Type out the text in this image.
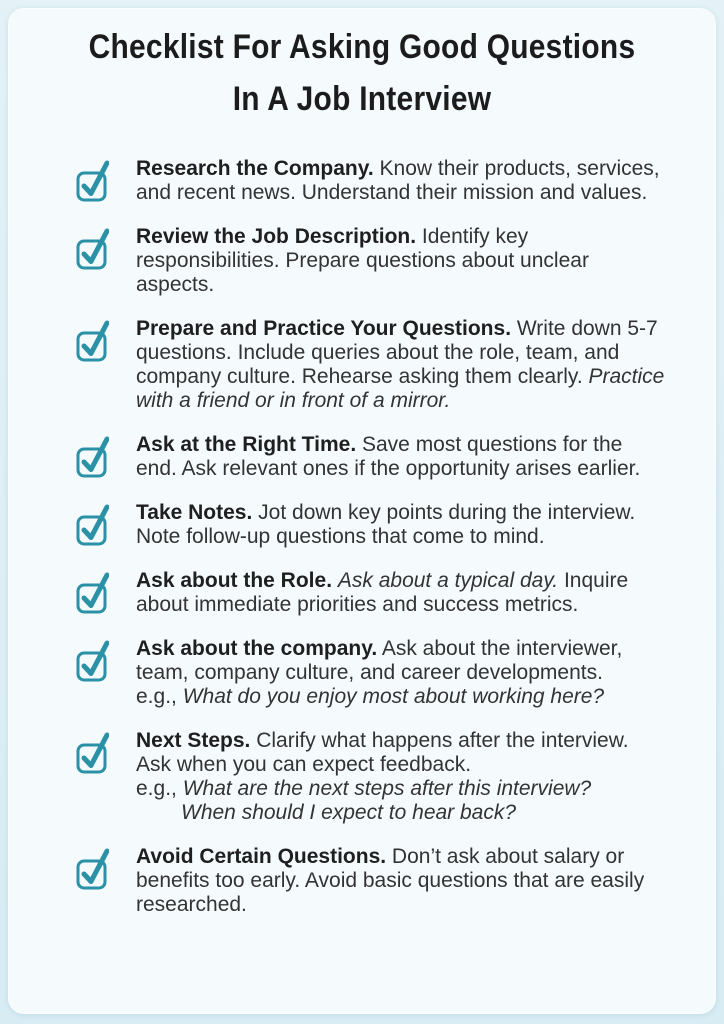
Checklist For Asking Good Questions
In A Job Interview

Research the Company. Know their products, services,
and recent news. Understand their mission and values.

Review the Job Description. Identify key
responsibilities. Prepare questions about unclear
aspects.

Prepare and Practice Your Questions. Write down 5-7
questions. Include queries about the role, team, and
company culture. Rehearse asking them clearly. Practice
with a friend or in front of a mirror.

Ask at the Right Time. Save most questions for the
end. Ask relevant ones if the opportunity arises earlier.

Take Notes. Jot down key points during the interview.
Note follow-up questions that come to mind.

Ask about the Role. Ask about a typical day. Inquire
about immediate priorities and success metrics.

Ask about the company. Ask about the interviewer,
team, company culture, and career developments.
e.g., What do you enjoy most about working here?

Next Steps. Clarify what happens after the interview.
Ask when you can expect feedback.
e.g., What are the next steps after this interview?
When should I expect to hear back?

Avoid Certain Questions. Don’t ask about salary or
benefits too early. Avoid basic questions that are easily
researched.
